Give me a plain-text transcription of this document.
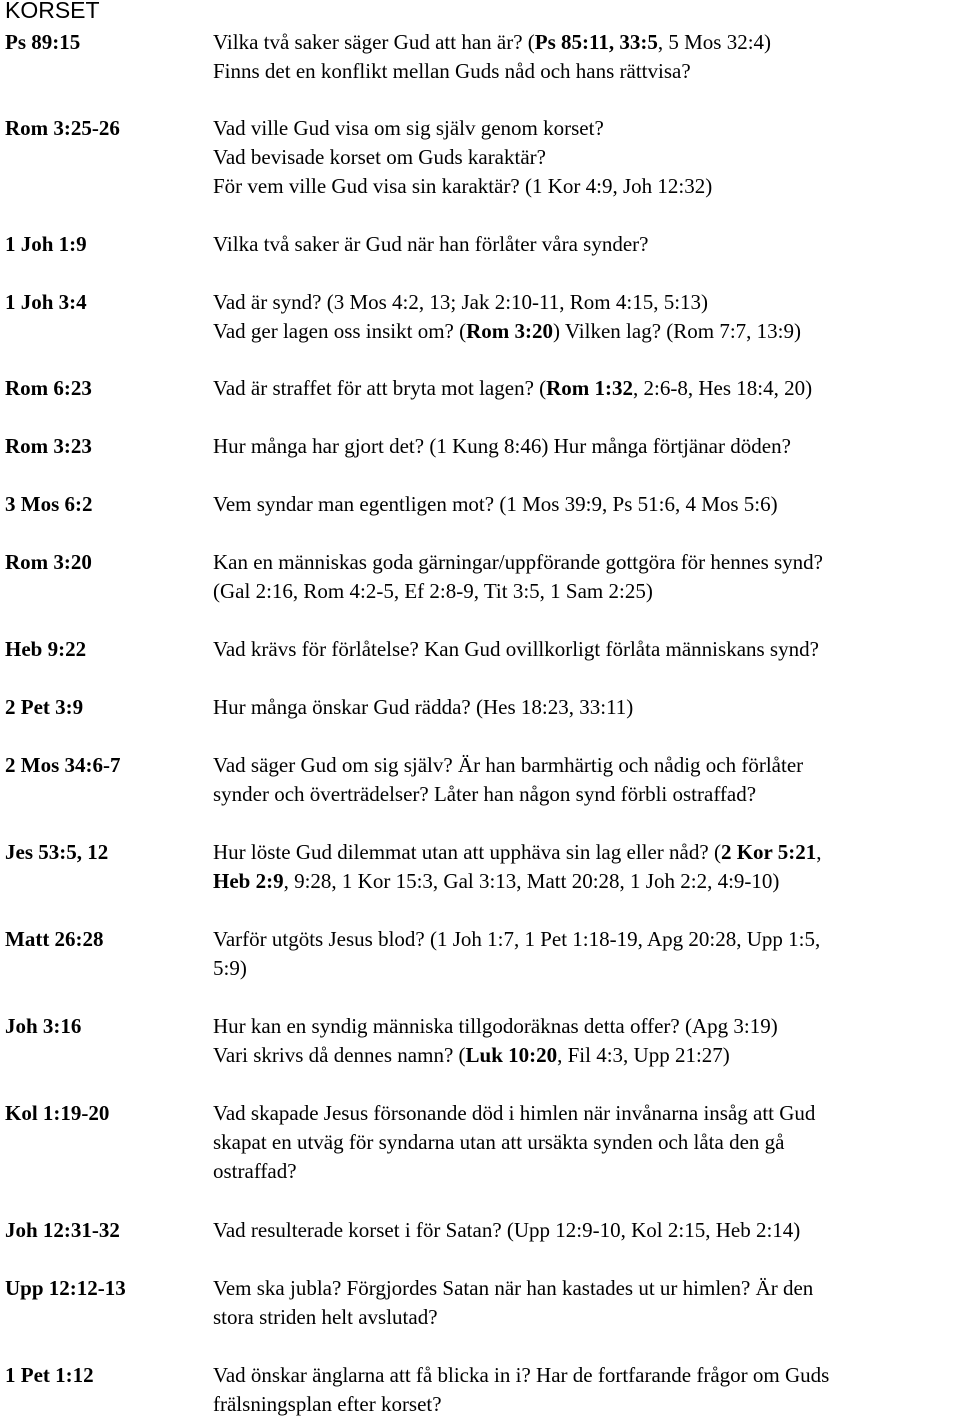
KORSET
Ps 89:15	Vilka två saker säger Gud att han är? (Ps 85:11, 33:5, 5 Mos 32:4)
Finns det en konflikt mellan Guds nåd och hans rättvisa?
Rom 3:25-26	Vad ville Gud visa om sig själv genom korset?
Vad bevisade korset om Guds karaktär?
För vem ville Gud visa sin karaktär? (1 Kor 4:9, Joh 12:32)
1 Joh 1:9	Vilka två saker är Gud när han förlåter våra synder?
1 Joh 3:4	Vad är synd? (3 Mos 4:2, 13; Jak 2:10-11, Rom 4:15, 5:13)
Vad ger lagen oss insikt om? (Rom 3:20) Vilken lag? (Rom 7:7, 13:9)
Rom 6:23	Vad är straffet för att bryta mot lagen? (Rom 1:32, 2:6-8, Hes 18:4, 20)
Rom 3:23	Hur många har gjort det? (1 Kung 8:46) Hur många förtjänar döden?
3 Mos 6:2	Vem syndar man egentligen mot? (1 Mos 39:9, Ps 51:6, 4 Mos 5:6)
Rom 3:20	Kan en människas goda gärningar/uppförande gottgöra för hennes synd?
(Gal 2:16, Rom 4:2-5, Ef 2:8-9, Tit 3:5, 1 Sam 2:25)
Heb 9:22	Vad krävs för förlåtelse? Kan Gud ovillkorligt förlåta människans synd?
2 Pet 3:9	Hur många önskar Gud rädda? (Hes 18:23, 33:11)
2 Mos 34:6-7	Vad säger Gud om sig själv? Är han barmhärtig och nådig och förlåter
synder och överträdelser? Låter han någon synd förbli ostraffad?
Jes 53:5, 12	Hur löste Gud dilemmat utan att upphäva sin lag eller nåd? (2 Kor 5:21,
Heb 2:9, 9:28, 1 Kor 15:3, Gal 3:13, Matt 20:28, 1 Joh 2:2, 4:9-10)
Matt 26:28	Varför utgöts Jesus blod? (1 Joh 1:7, 1 Pet 1:18-19, Apg 20:28, Upp 1:5,
5:9)
Joh 3:16	Hur kan en syndig människa tillgodoräknas detta offer? (Apg 3:19)
Vari skrivs då dennes namn? (Luk 10:20, Fil 4:3, Upp 21:27)
Kol 1:19-20	Vad skapade Jesus försonande död i himlen när invånarna insåg att Gud
skapat en utväg för syndarna utan att ursäkta synden och låta den gå
ostraffad?
Joh 12:31-32	Vad resulterade korset i för Satan? (Upp 12:9-10, Kol 2:15, Heb 2:14)
Upp 12:12-13	Vem ska jubla? Förgjordes Satan när han kastades ut ur himlen? Är den
stora striden helt avslutad?
1 Pet 1:12	Vad önskar änglarna att få blicka in i? Har de fortfarande frågor om Guds
frälsningsplan efter korset?
